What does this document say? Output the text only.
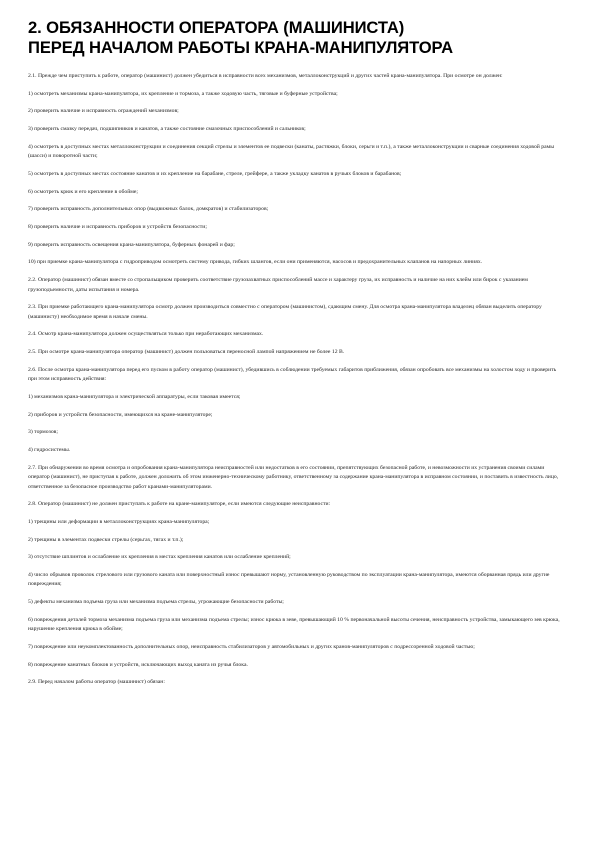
2. ОБЯЗАННОСТИ ОПЕРАТОРА (МАШИНИСТА)
ПЕРЕД НАЧАЛОМ РАБОТЫ КРАНА-МАНИПУЛЯТОРА

2.1. Прежде чем приступить к работе, оператор (машинист) должен убедиться в исправности всех механизмов, металлоконструкций и других частей крана-манипулятора. При осмотре он должен:

1) осмотреть механизмы крана-манипулятора, их крепление и тормоза, а также ходовую часть, тяговые и буферные устройства;

2) проверить наличие и исправность ограждений механизмов;

3) проверить смазку передач, подшипников и канатов, а также состояние смазочных приспособлений и сальников;

4) осмотреть в доступных местах металлоконструкции и соединения секций стрелы и элементов ее подвески (канаты, растяжки, блоки, серьги и т.п.), а также металлоконструкции и сварные соединения ходовой рамы (шасси) и поворотной части;

5) осмотреть в доступных местах состояние канатов и их крепление на барабане, стреле, грейфере, а также укладку канатов в ручьях блоков и барабанов;

6) осмотреть крюк и его крепление в обойме;

7) проверить исправность дополнительных опор (выдвижных балок, домкратов) и стабилизаторов;

8) проверить наличие и исправность приборов и устройств безопасности;

9) проверить исправность освещения крана-манипулятора, буферных фонарей и фар;

10) при приемке крана-манипулятора с гидроприводом осмотреть систему привода, гибких шлангов, если они применяются, насосов и предохранительных клапанов на напорных линиях.

2.2. Оператор (машинист) обязан вместе со стропальщиком проверить соответствие грузозахватных приспособлений массе и характеру груза, их исправность и наличие на них клейм или бирок с указанием грузоподъемности, даты испытания и номера.

2.3. При приемке работающего крана-манипулятора осмотр должен производиться совместно с оператором (машинистом), сдающим смену. Для осмотра крана-манипулятора владелец обязан выделить оператору (машинисту) необходимое время в начале смены.

2.4. Осмотр крана-манипулятора должен осуществляться только при неработающих механизмах.

2.5. При осмотре крана-манипулятора оператор (машинист) должен пользоваться переносной лампой напряжением не более 12 В.

2.6. После осмотра крана-манипулятора перед его пуском в работу оператор (машинист), убедившись в соблюдении требуемых габаритов приближения, обязан опробовать все механизмы на холостом ходу и проверить при этом исправность действия:

1) механизмов крана-манипулятора и электрической аппаратуры, если таковая имеется;

2) приборов и устройств безопасности, имеющихся на кране-манипуляторе;

3) тормозов;

4) гидросистемы.

2.7. При обнаружении во время осмотра и опробования крана-манипулятора неисправностей или недостатков в его состоянии, препятствующих безопасной работе, и невозможности их устранения своими силами оператор (машинист), не приступая к работе, должен доложить об этом инженерно-техническому работнику, ответственному за содержание крана-манипулятора в исправном состоянии, и поставить в известность лицо, ответственное за безопасное производство работ кранами-манипуляторами.

2.8. Оператор (машинист) не должен приступать к работе на кране-манипуляторе, если имеются следующие неисправности:

1) трещины или деформации в металлоконструкциях крана-манипулятора;

2) трещины в элементах подвески стрелы (серьгах, тягах и т.п.);

3) отсутствие шплинтов и ослабление их крепления в местах крепления канатов или ослабление креплений;

4) число обрывов проволок стрелового или грузового каната или поверхностный износ превышают норму, установленную руководством по эксплуатации крана-манипулятора, имеются оборванная прядь или другие повреждения;

5) дефекты механизма подъема груза или механизма подъема стрелы, угрожающие безопасности работы;

6) повреждения деталей тормоза механизма подъема груза или механизма подъема стрелы; износ крюка в зеве, превышающий 10 % первоначальной высоты сечения, неисправность устройства, замыкающего зев крюка, нарушение крепления крюка в обойме;

7) повреждение или неукомплектованность дополнительных опор, неисправность стабилизаторов у автомобильных и других кранов-манипуляторов с подрессоренной ходовой частью;

8) повреждение канатных блоков и устройств, исключающих выход каната из ручья блока.

2.9. Перед началом работы оператор (машинист) обязан:
